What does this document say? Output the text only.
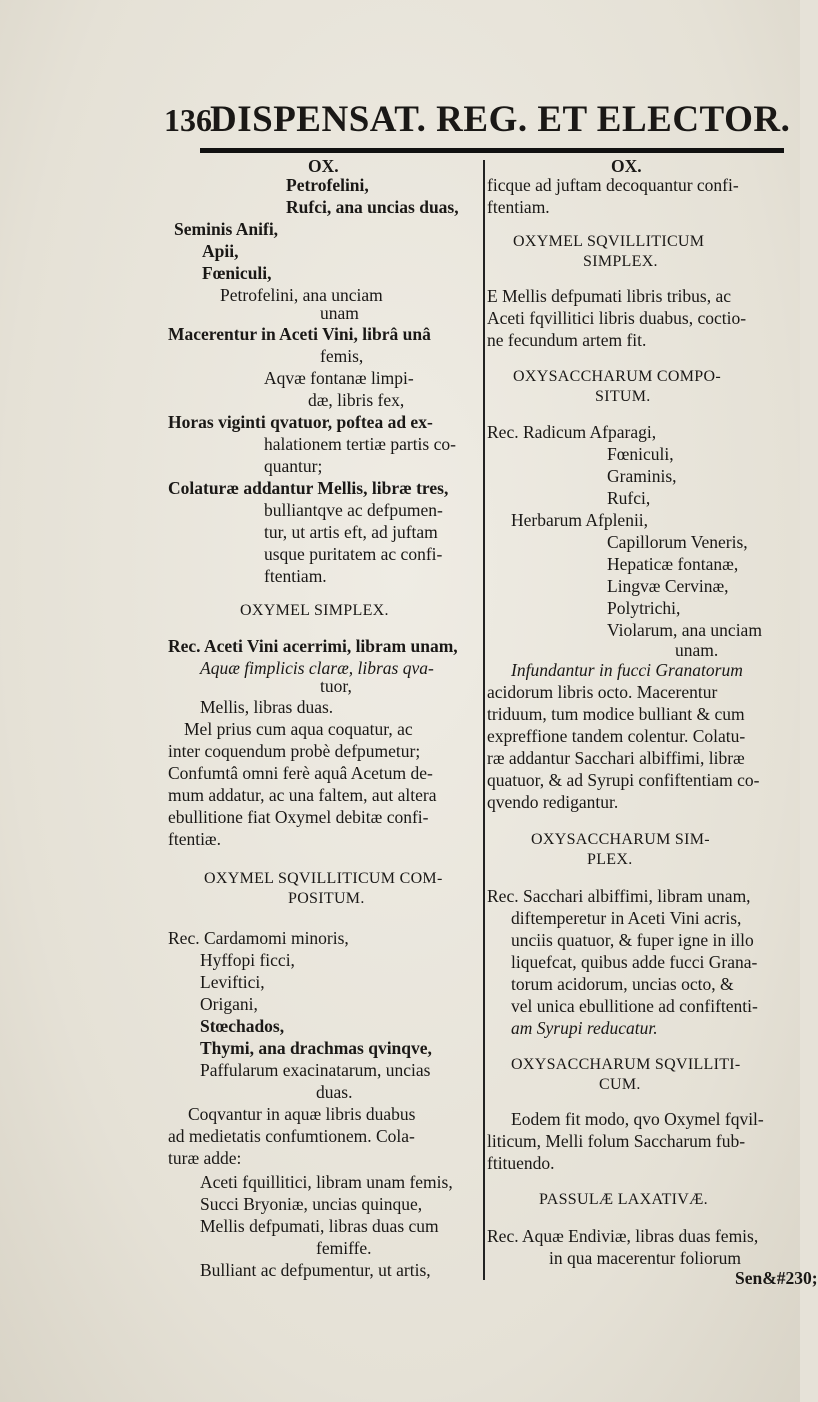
136
DISPENSAT. REG. ET ELECTOR.
OX.
Petrofelini,
Rufci, ana uncias duas,
Seminis Anifi,
Apii,
Fœniculi,
Petrofelini, ana unciam
unam
Macerentur in Aceti Vini, librâ unâ
femis,
Aqvæ fontanæ limpi-
dæ, libris fex,
Horas viginti qvatuor, poftea ad ex-
halationem tertiæ partis co-
quantur;
Colaturæ addantur Mellis, libræ tres,
bulliantqve ac defpumen-
tur, ut artis eft, ad juftam
usque puritatem ac confi-
ftentiam.
OXYMEL SIMPLEX.
Rec. Aceti Vini acerrimi, libram unam,
Aquæ fimplicis claræ, libras qva-
tuor,
Mellis, libras duas.
Mel prius cum aqua coquatur, ac
inter coquendum probè defpumetur;
Confumtâ omni ferè aquâ Acetum de-
mum addatur, ac una faltem, aut altera
ebullitione fiat Oxymel debitæ confi-
ftentiæ.
OXYMEL SQVILLITICUM COM-
POSITUM.
Rec. Cardamomi minoris,
Hyffopi ficci,
Leviftici,
Origani,
Stœchados,
Thymi, ana drachmas qvinqve,
Paffularum exacinatarum, uncias
duas.
Coqvantur in aquæ libris duabus
ad medietatis confumtionem. Cola-
turæ adde:
Aceti fquillitici, libram unam femis,
Succi Bryoniæ, uncias quinque,
Mellis defpumati, libras duas cum
femiffe.
Bulliant ac defpumentur, ut artis,
OX.
ficque ad juftam decoquantur confi-
ftentiam.
OXYMEL SQVILLITICUM
SIMPLEX.
E Mellis defpumati libris tribus, ac
Aceti fqvillitici libris duabus, coctio-
ne fecundum artem fit.
OXYSACCHARUM COMPO-
SITUM.
Rec. Radicum Afparagi,
Fœniculi,
Graminis,
Rufci,
Herbarum Afplenii,
Capillorum Veneris,
Hepaticæ fontanæ,
Lingvæ Cervinæ,
Polytrichi,
Violarum, ana unciam
unam.
Infundantur in fucci Granatorum
acidorum libris octo. Macerentur
triduum, tum modice bulliant & cum
expreffione tandem colentur. Colatu-
ræ addantur Sacchari albiffimi, libræ
quatuor, & ad Syrupi confiftentiam co-
qvendo redigantur.
OXYSACCHARUM SIM-
PLEX.
Rec. Sacchari albiffimi, libram unam,
diftemperetur in Aceti Vini acris,
unciis quatuor, & fuper igne in illo
liquefcat, quibus adde fucci Grana-
torum acidorum, uncias octo, &
vel unica ebullitione ad confiftenti-
am Syrupi reducatur.
OXYSACCHARUM SQVILLITI-
CUM.
Eodem fit modo, qvo Oxymel fqvil-
liticum, Melli folum Saccharum fub-
ftituendo.
PASSULÆ LAXATIVÆ.
Rec. Aquæ Endiviæ, libras duas femis,
in qua macerentur foliorum
Sen&#230;
